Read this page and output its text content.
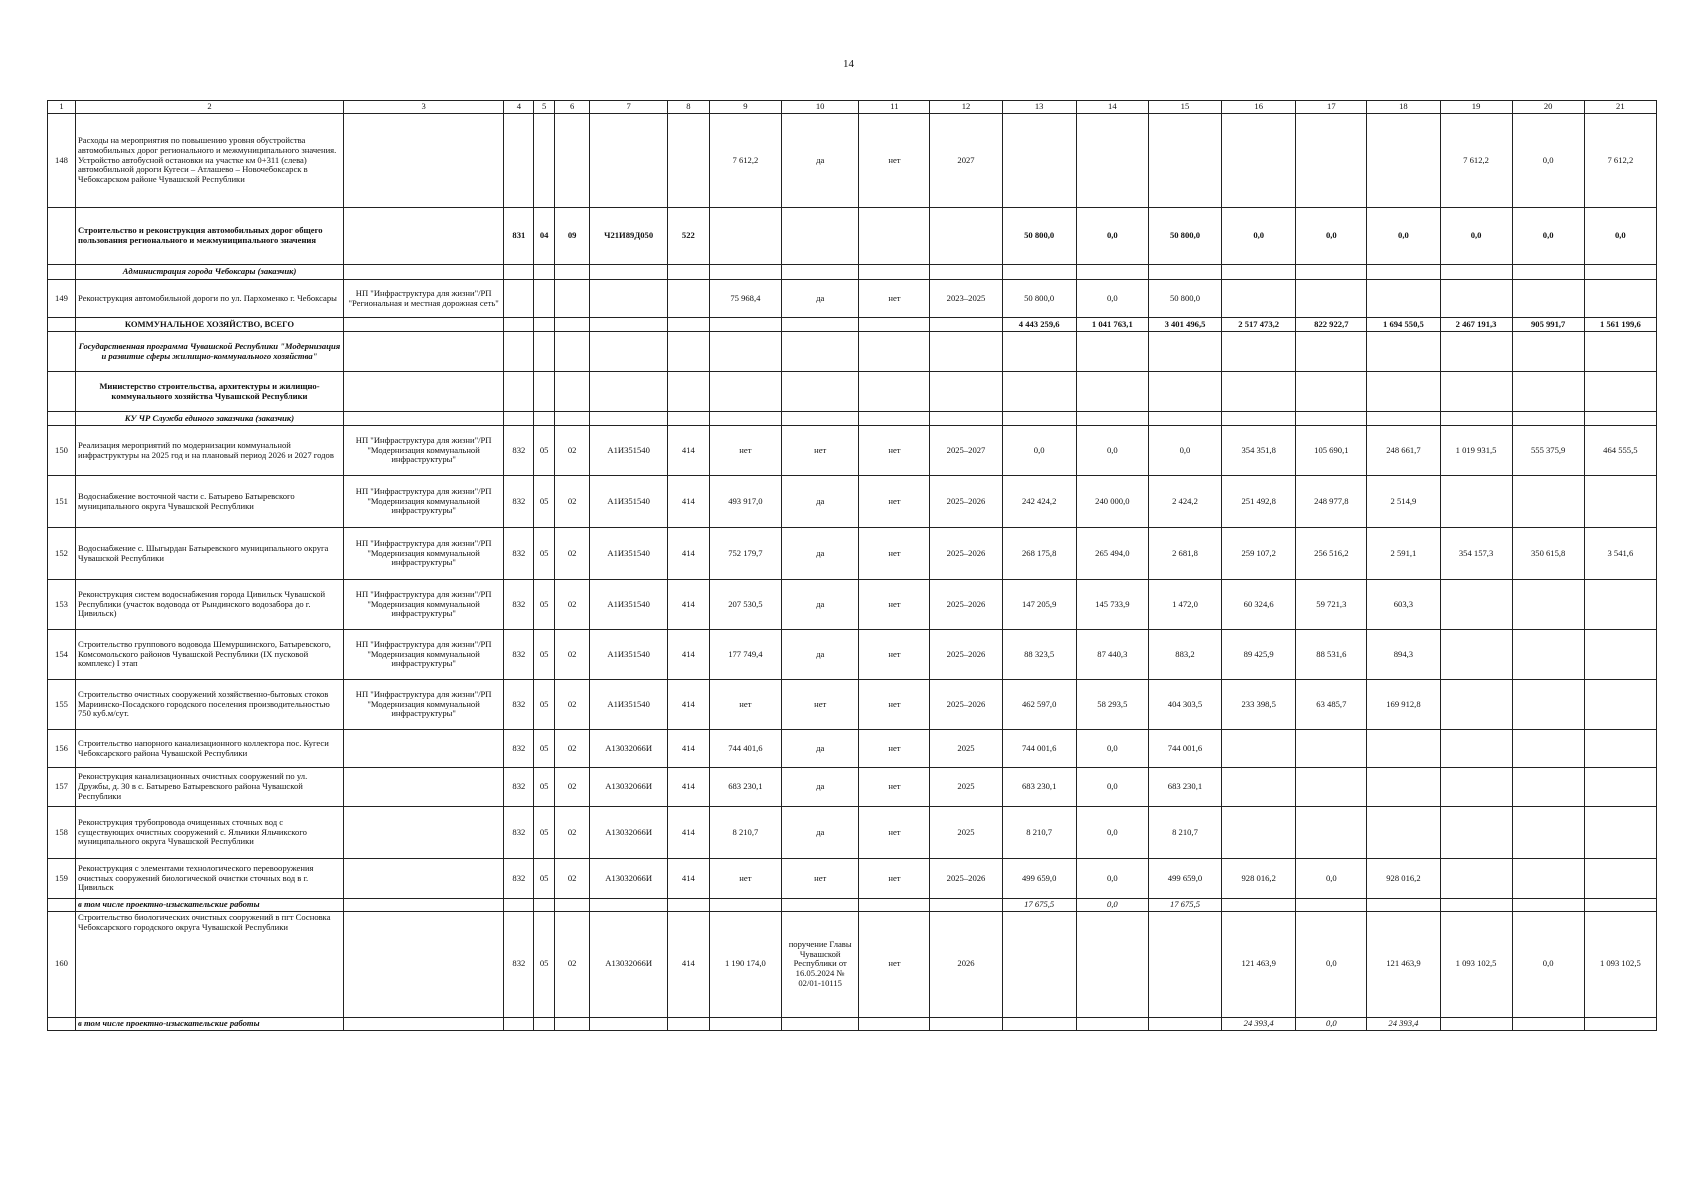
14
1	2	3	4	5	6	7	8	9	10	11	12	13	14	15	16	17	18	19	20	21
148	Расходы на мероприятия по повышению уровня обустройства автомобильных дорог регионального и межмуниципального значения. Устройство автобусной остановки на участке км 0+311 (слева) автомобильной дороги Кугеси – Атлашево – Новочебоксарск в Чебоксарском районе Чувашской Республики							7 612,2	да	нет	2027							7 612,2	0,0	7 612,2
	Строительство и реконструкция автомобильных дорог общего пользования регионального и межмуниципального значения		831	04	09	Ч21И89Д050	522					50 800,0	0,0	50 800,0	0,0	0,0	0,0	0,0	0,0	0,0
	Администрация города Чебоксары (заказчик)																			
149	Реконструкция автомобильной дороги по ул. Пархоменко г. Чебоксары	НП "Инфраструктура для жизни"/РП "Региональная и местная дорожная сеть"						75 968,4	да	нет	2023–2025	50 800,0	0,0	50 800,0						
	КОММУНАЛЬНОЕ ХОЗЯЙСТВО, ВСЕГО											4 443 259,6	1 041 763,1	3 401 496,5	2 517 473,2	822 922,7	1 694 550,5	2 467 191,3	905 991,7	1 561 199,6
	Государственная программа Чувашской Республики "Модернизация и развитие сферы жилищно-коммунального хозяйства"																			
	Министерство строительства, архитектуры и жилищно-коммунального хозяйства Чувашской Республики																			
	КУ ЧР Служба единого заказчика (заказчик)																			
150	Реализация мероприятий по модернизации коммунальной инфраструктуры на 2025 год и на плановый период 2026 и 2027 годов	НП "Инфраструктура для жизни"/РП "Модернизация коммунальной инфраструктуры"	832	05	02	А1И351540	414	нет	нет	нет	2025–2027	0,0	0,0	0,0	354 351,8	105 690,1	248 661,7	1 019 931,5	555 375,9	464 555,5
151	Водоснабжение восточной части с. Батырево Батыревского муниципального округа Чувашской Республики	НП "Инфраструктура для жизни"/РП "Модернизация коммунальной инфраструктуры"	832	05	02	А1И351540	414	493 917,0	да	нет	2025–2026	242 424,2	240 000,0	2 424,2	251 492,8	248 977,8	2 514,9			
152	Водоснабжение с. Шыгырдан Батыревского муниципального округа Чувашской Республики	НП "Инфраструктура для жизни"/РП "Модернизация коммунальной инфраструктуры"	832	05	02	А1И351540	414	752 179,7	да	нет	2025–2026	268 175,8	265 494,0	2 681,8	259 107,2	256 516,2	2 591,1	354 157,3	350 615,8	3 541,6
153	Реконструкция систем водоснабжения города Цивильск Чувашской Республики (участок водовода от Рындинского водозабора до г. Цивильск)	НП "Инфраструктура для жизни"/РП "Модернизация коммунальной инфраструктуры"	832	05	02	А1И351540	414	207 530,5	да	нет	2025–2026	147 205,9	145 733,9	1 472,0	60 324,6	59 721,3	603,3			
154	Строительство группового водовода Шемуршинского, Батыревского, Комсомольского районов Чувашской Республики (IX пусковой комплекс) I этап	НП "Инфраструктура для жизни"/РП "Модернизация коммунальной инфраструктуры"	832	05	02	А1И351540	414	177 749,4	да	нет	2025–2026	88 323,5	87 440,3	883,2	89 425,9	88 531,6	894,3			
155	Строительство очистных сооружений хозяйственно-бытовых стоков Мариинско-Посадского городского поселения производительностью 750 куб.м/сут.	НП "Инфраструктура для жизни"/РП "Модернизация коммунальной инфраструктуры"	832	05	02	А1И351540	414	нет	нет	нет	2025–2026	462 597,0	58 293,5	404 303,5	233 398,5	63 485,7	169 912,8			
156	Строительство напорного канализационного коллектора пос. Кугеси Чебоксарского района Чувашской Республики		832	05	02	А13032066И	414	744 401,6	да	нет	2025	744 001,6	0,0	744 001,6						
157	Реконструкция канализационных очистных сооружений по ул. Дружбы, д. 30 в с. Батырево Батыревского района Чувашской Республики		832	05	02	А13032066И	414	683 230,1	да	нет	2025	683 230,1	0,0	683 230,1						
158	Реконструкция трубопровода очищенных сточных вод с существующих очистных сооружений с. Яльчики Яльчикского муниципального округа Чувашской Республики		832	05	02	А13032066И	414	8 210,7	да	нет	2025	8 210,7	0,0	8 210,7						
159	Реконструкция с элементами технологического перевооружения очистных сооружений биологической очистки сточных вод в г. Цивильск		832	05	02	А13032066И	414	нет	нет	нет	2025–2026	499 659,0	0,0	499 659,0	928 016,2	0,0	928 016,2			
	в том числе проектно-изыскательские работы											17 675,5	0,0	17 675,5						
160	Строительство биологических очистных сооружений в пгт Сосновка Чебоксарского городского округа Чувашской Республики		832	05	02	А13032066И	414	1 190 174,0	поручение Главы Чувашской Республики от 16.05.2024 № 02/01-10115	нет	2026				121 463,9	0,0	121 463,9	1 093 102,5	0,0	1 093 102,5
	в том числе проектно-изыскательские работы														24 393,4	0,0	24 393,4			
